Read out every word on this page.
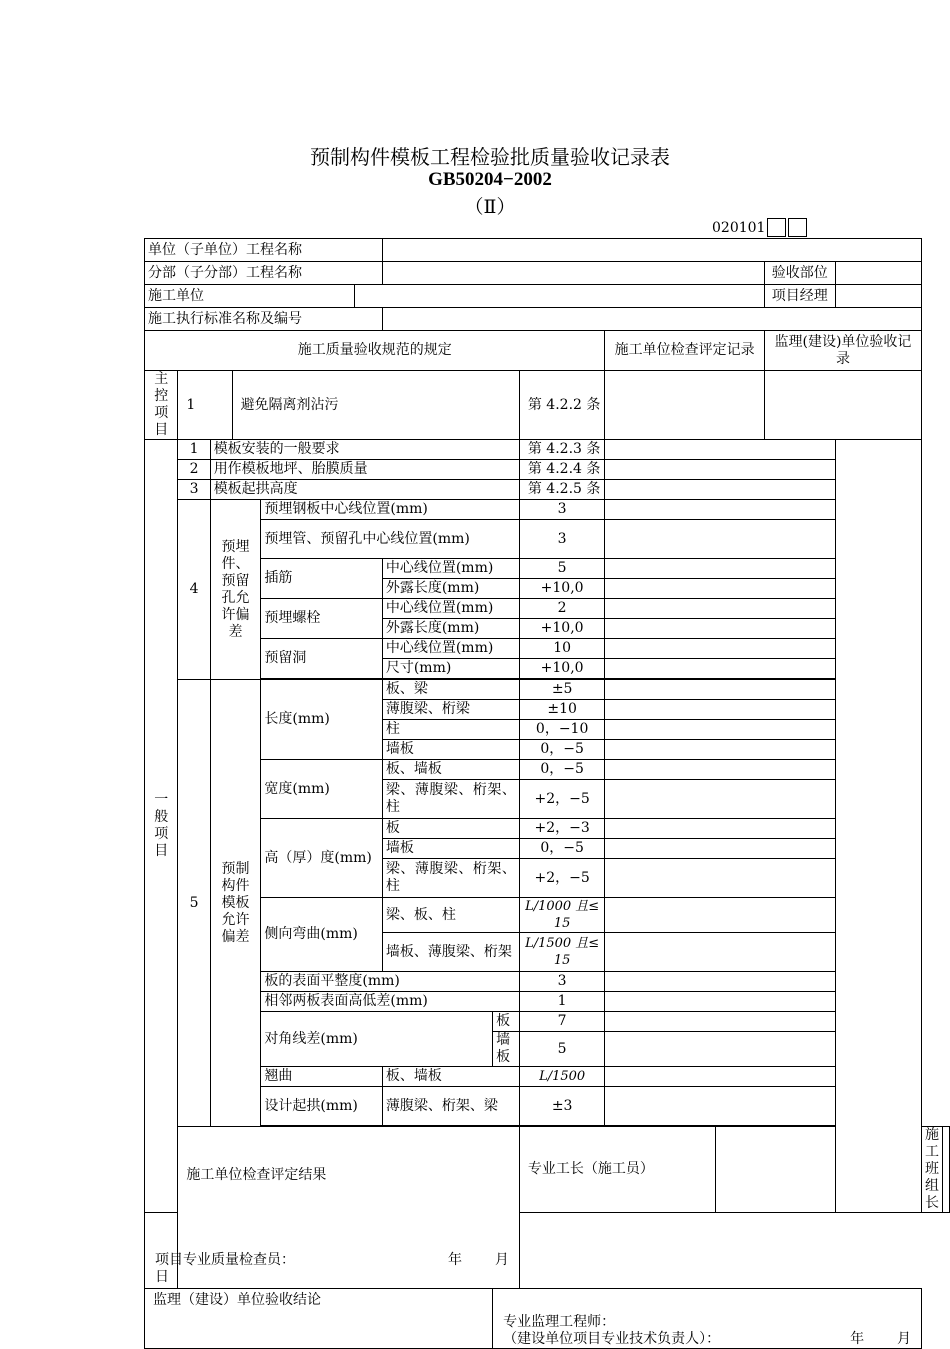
预制构件模板工程检验批质量验收记录表
GB50204−2002
（Ⅱ）
020101
单位（子单位）工程名称														
分部（子分部）工程名称											验收部位			
施工单位											项目经理			
施工执行标准名称及编号														
施工质量验收规范的规定									施工单位检查评定记录		监理(建设)单位验收记录			
主控项目	1		避免隔离剂沾污					第 4.2.2 条						
一般项目	1	模板安装的一般要求						第 4.2.3 条						
	2	用作模板地坪、胎膜质量						第 4.2.4 条						
	3	模板起拱高度						第 4.2.5 条						
	4	预埋件、预留孔允许偏差		预埋钢板中心线位置(mm)				3						
				预埋管、预留孔中心线位置(mm)				3						
				插筋		中心线位置(mm)		5						
						外露长度(mm)		+10,0						
				预埋螺栓		中心线位置(mm)		2						
						外露长度(mm)		+10,0						
				预留洞		中心线位置(mm)		10						
						尺寸(mm)		+10,0						

	5	预制构件模板允许偏差		长度(mm)		板、梁		±5						
						薄腹梁、桁梁		±10						
						柱		0，−10						
						墙板		0，−5						
				宽度(mm)		板、墙板		0，−5						
						梁、薄腹梁、桁架、柱		+2，−5						
				高（厚）度(mm)		板		+2，−3						
						墙板		0，−5						
						梁、薄腹梁、桁架、柱		+2，−5						
				侧向弯曲(mm)		梁、板、柱		L/1000 且≤15						
						墙板、薄腹梁、桁架		L/1500 且≤15						
				板的表面平整度(mm)				3						
				相邻两板表面高低差(mm)				1						
				对角线差(mm)			板	7						
							墙板	5						
				翘曲		板、墙板		L/1500						
				设计起拱(mm)		薄腹梁、桁架、梁		±3						

	施工单位检查评定结果							专业工长（施工员）					施工班组长	

项目专业质量检查员： 年 月
日														

监理（建设）单位验收结论							专业监理工程师：
（建设单位项目专业技术负责人）： 年 月							
